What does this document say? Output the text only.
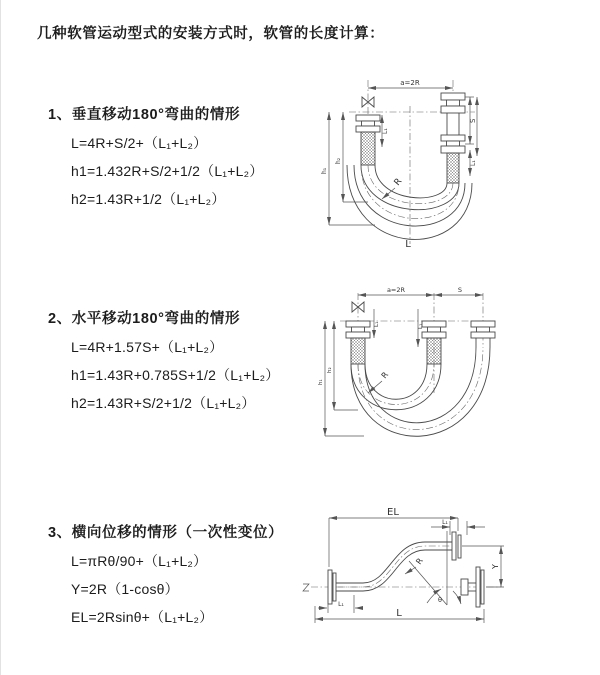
几种软管运动型式的安装方式时，软管的长度计算：
1、垂直移动180°弯曲的情形
L=4R+S/2+（L₁+L₂）
h1=1.432R+S/2+1/2（L₁+L₂）
h2=1.43R+1/2（L₁+L₂）
2、水平移动180°弯曲的情形
L=4R+1.57S+（L₁+L₂）
h1=1.43R+0.785S+1/2（L₁+L₂）
h2=1.43R+S/2+1/2（L₁+L₂）
3、横向位移的情形（一次性变位）
L=πRθ/90+（L₁+L₂）
Y=2R（1-cosθ）
EL=2Rsinθ+（L₁+L₂）
a=2R
R
L₁
S
L₁
h₁
h₂
L
a=2R	S
L₁	L₁
R
h₁
h₂
EL
L₁
R
θ
Y
L₁
L
